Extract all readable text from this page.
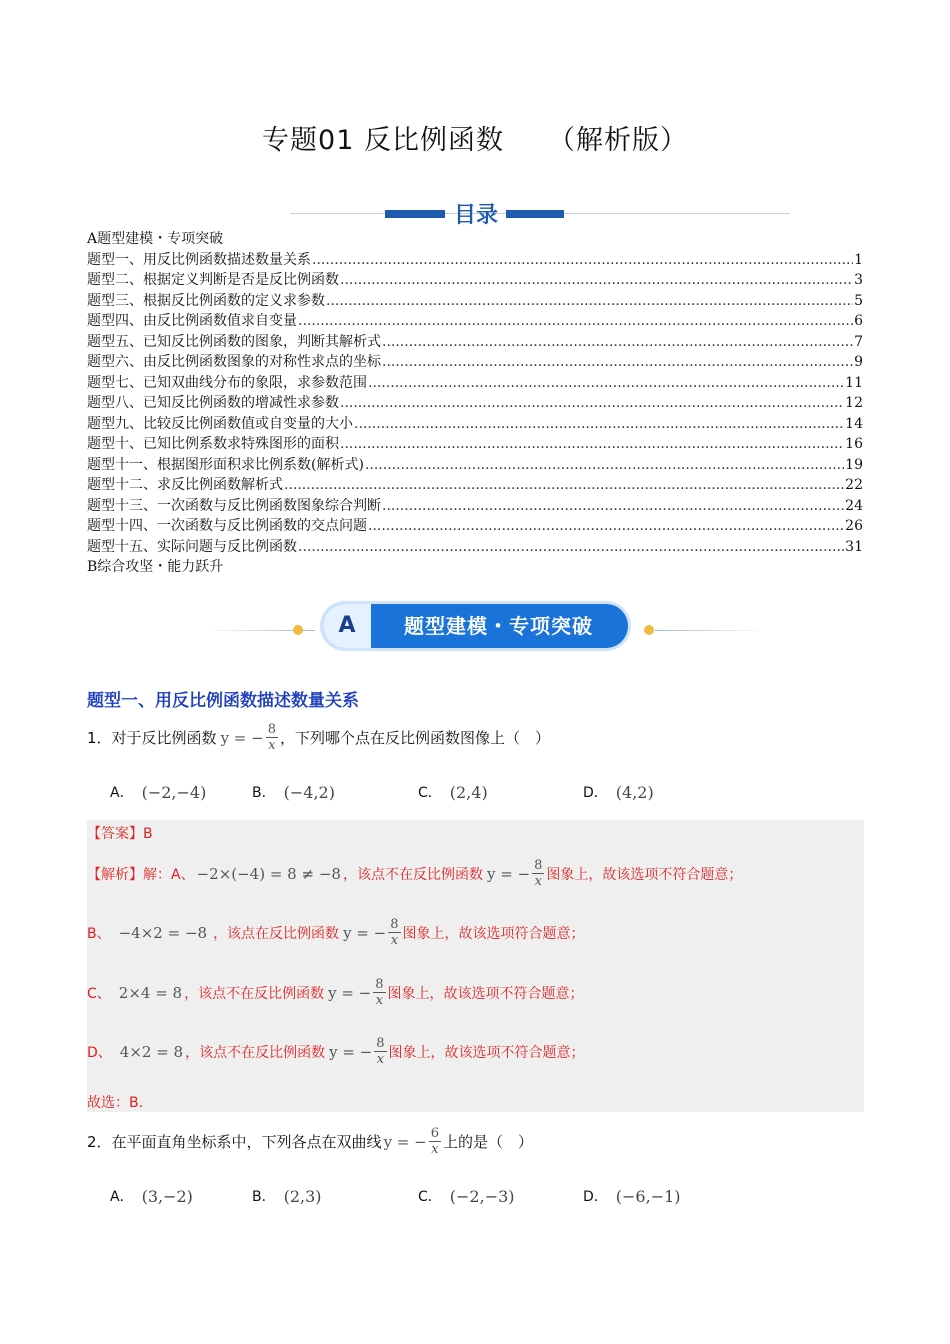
专题01 反比例函数 （解析版）
目录
A题型建模・专项突破
题型一、用反比例函数描述数量关系 .....	1
题型二、根据定义判断是否是反比例函数 .....	3
题型三、根据反比例函数的定义求参数 .....	5
题型四、由反比例函数值求自变量 .....	6
题型五、已知反比例函数的图象，判断其解析式 .....	7
题型六、由反比例函数图象的对称性求点的坐标 .....	9
题型七、已知双曲线分布的象限，求参数范围 .....	11
题型八、已知反比例函数的增减性求参数 .....	12
题型九、比较反比例函数值或自变量的大小 .....	14
题型十、已知比例系数求特殊图形的面积 .....	16
题型十一、根据图形面积求比例系数(解析式) .....	19
题型十二、求反比例函数解析式 .....	22
题型十三、一次函数与反比例函数图象综合判断 .....	24
题型十四、一次函数与反比例函数的交点问题 .....	26
题型十五、实际问题与反比例函数 .....	31
B综合攻坚・能力跃升
A	题型建模・专项突破
题型一、用反比例函数描述数量关系
1． 对于反比例函数 y = − $\frac{8}{x}$ ，下列哪个点在反比例函数图像上（　）
A． (−2,−4)	B． (−4,2)	C． (2,4)	D． (4,2)
【答案】B
【解析】 解：A、 −2×(−4) = 8 ≠ −8 ，该点不在反比例函数 y = − $\frac{8}{x}$ 图象上，故该选项不符合题意；
B、 −4×2 = −8 ，该点在反比例函数 y = − $\frac{8}{x}$ 图象上，故该选项符合题意；
C、 2×4 = 8 ，该点不在反比例函数 y = − $\frac{8}{x}$ 图象上，故该选项不符合题意；
D、 4×2 = 8 ，该点不在反比例函数 y = − $\frac{8}{x}$ 图象上，故该选项不符合题意；
故选：B．
2． 在平面直角坐标系中，下列各点在双曲线 y = − $\frac{6}{x}$ 上的是（　）
A． (3,−2)	B． (2,3)	C． (−2,−3)	D． (−6,−1)
